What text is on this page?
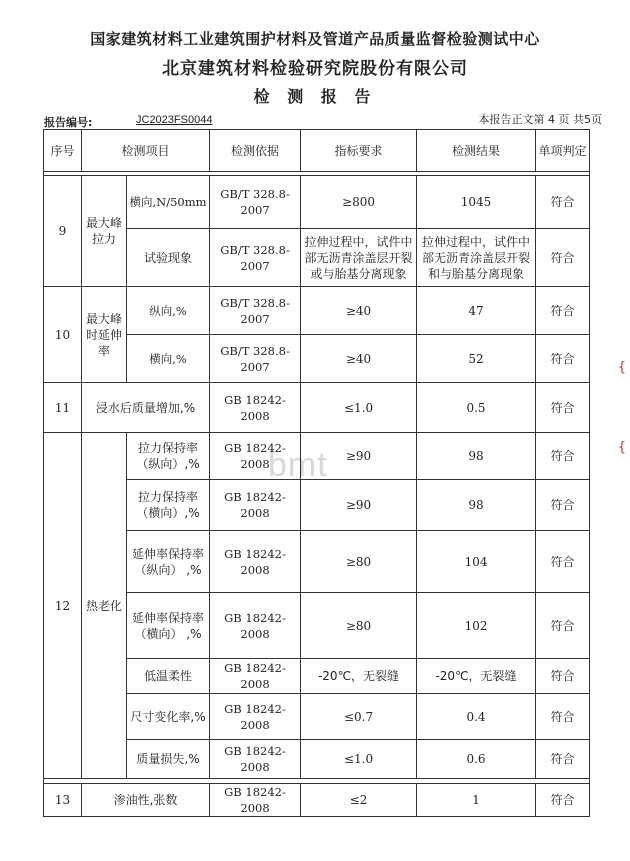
国家建筑材料工业建筑围护材料及管道产品质量监督检验测试中心
北京建筑材料检验研究院股份有限公司
检 测 报 告
报告编号:	JC2023FS0044	本报告正文第 4 页 共5页
bmt
序号	检测项目		检测依据	指标要求	检测结果	单项判定

9	最大峰拉力	横向,N/50mm	GB/T 328.8-2007	≥800	1045	符合
		试验现象	GB/T 328.8-2007	拉伸过程中，试件中部无沥青涂盖层开裂或与胎基分离现象	拉伸过程中，试件中部无沥青涂盖层开裂和与胎基分离现象	符合
10	最大峰时延伸率	纵向,%	GB/T 328.8-2007	≥40	47	符合
		横向,%	GB/T 328.8-2007	≥40	52	符合
11	浸水后质量增加,%		GB 18242-2008	≤1.0	0.5	符合
12	热老化	拉力保持率（纵向）,%	GB 18242-2008	≥90	98	符合
		拉力保持率（横向）,%	GB 18242-2008	≥90	98	符合
		延伸率保持率 （纵向） ,%	GB 18242-2008	≥80	104	符合
		延伸率保持率 （横向） ,%	GB 18242-2008	≥80	102	符合
		低温柔性	GB 18242-2008	-20℃，无裂缝	-20℃，无裂缝	符合
		尺寸变化率,%	GB 18242-2008	≤0.7	0.4	符合
		质量损失,%	GB 18242-2008	≤1.0	0.6	符合

13	渗油性,张数		GB 18242-2008	≤2	1	符合
{
{
